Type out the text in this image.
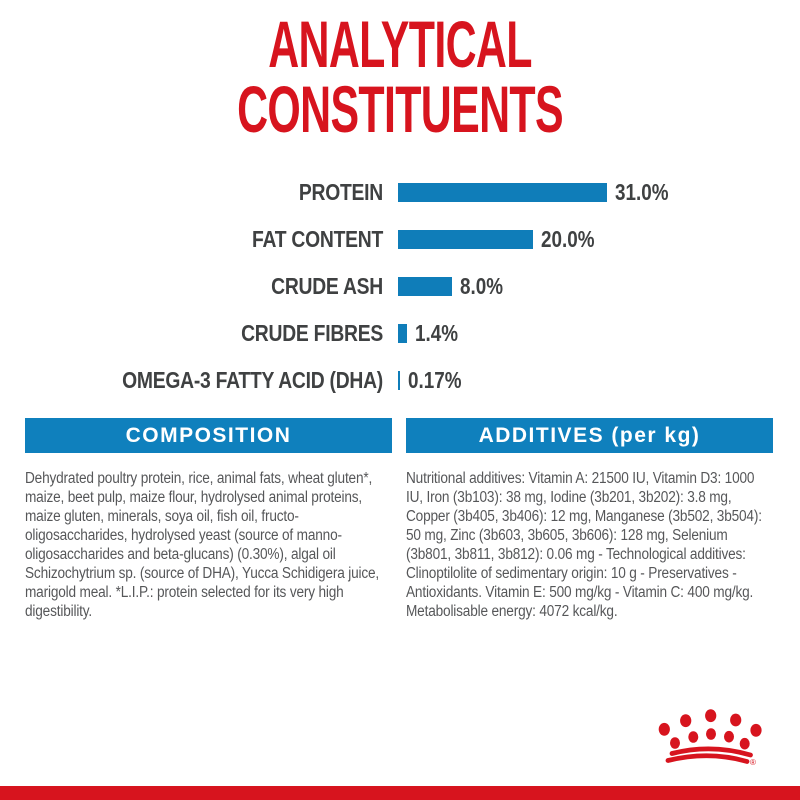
ANALYTICAL
CONSTITUENTS
PROTEIN	31.0%
FAT CONTENT	20.0%
CRUDE ASH	8.0%
CRUDE FIBRES 1.4%
OMEGA-3 FATTY ACID (DHA) 0.17%
COMPOSITION
Dehydrated poultry protein, rice, animal fats, wheat gluten*, maize, beet pulp, maize flour, hydrolysed animal proteins, maize gluten, minerals, soya oil, fish oil, fructo-oligosaccharides, hydrolysed yeast (source of manno-oligosaccharides and beta-glucans) (0.30%), algal oil Schizochytrium sp. (source of DHA), Yucca Schidigera juice, marigold meal. *L.I.P.: protein selected for its very high digestibility.
ADDITIVES (per kg)
Nutritional additives: Vitamin A: 21500 IU, Vitamin D3: 1000 IU, Iron (3b103): 38 mg, Iodine (3b201, 3b202): 3.8 mg, Copper (3b405, 3b406): 12 mg, Manganese (3b502, 3b504): 50 mg, Zinc (3b603, 3b605, 3b606): 128 mg, Selenium (3b801, 3b811, 3b812): 0.06 mg - Technological additives: Clinoptilolite of sedimentary origin: 10 g - Preservatives - Antioxidants. Vitamin E: 500 mg/kg - Vitamin C: 400 mg/kg. Metabolisable energy: 4072 kcal/kg.
®
